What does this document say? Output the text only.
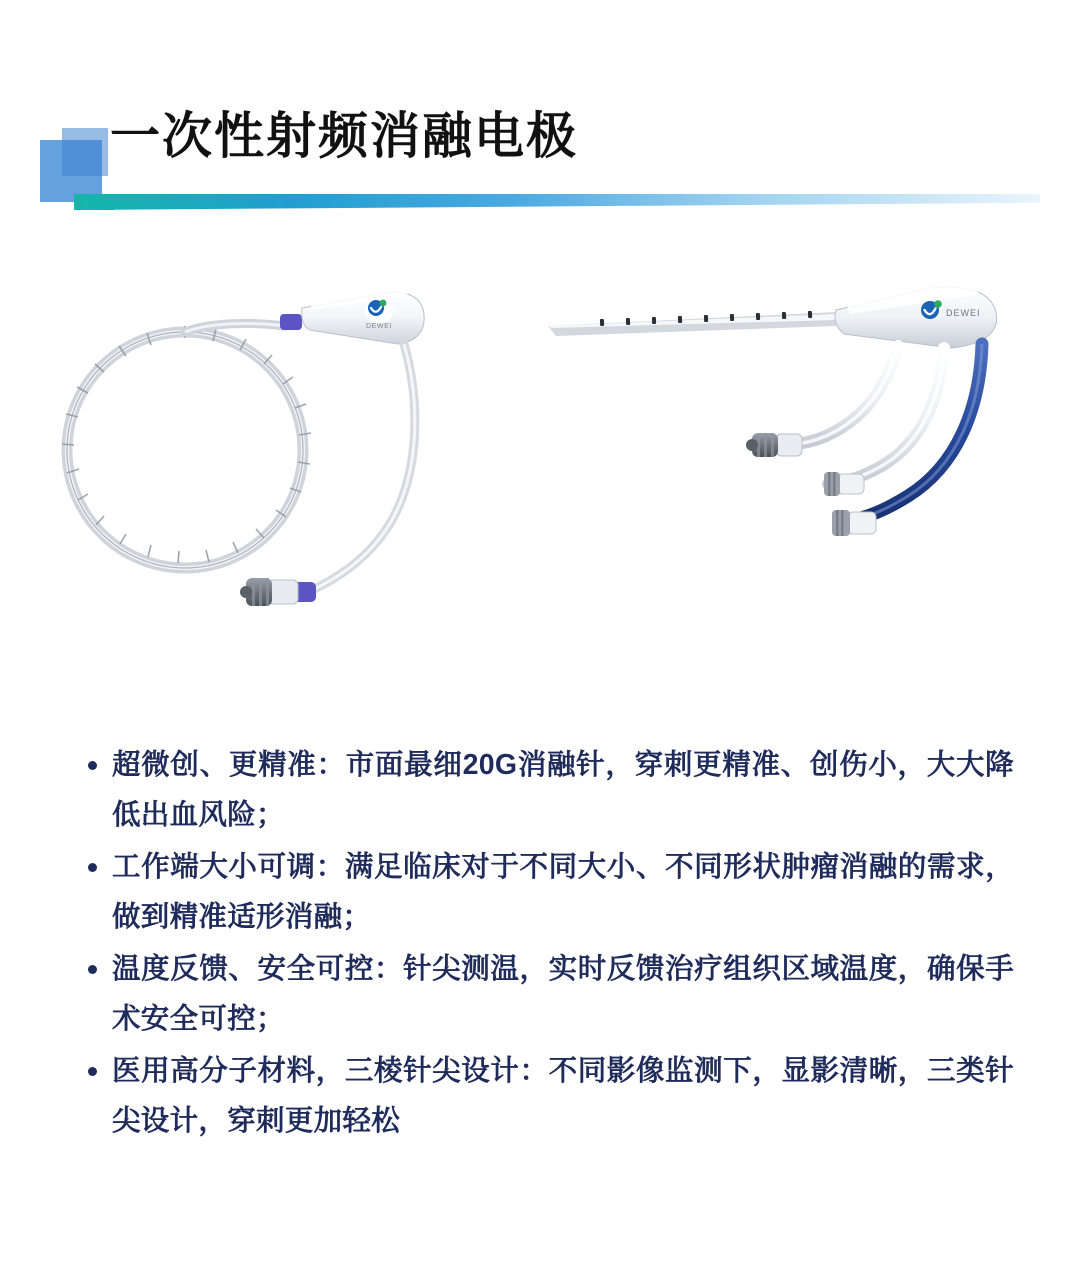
一次性射频消融电极
DEWEI
DEWEI
超微创、更精准：市面最细20G消融针，穿刺更精准、创伤小，大大降低出血风险；
工作端大小可调：满足临床对于不同大小、不同形状肿瘤消融的需求，做到精准适形消融；
温度反馈、安全可控：针尖测温，实时反馈治疗组织区域温度，确保手术安全可控；
医用高分子材料，三棱针尖设计：不同影像监测下，显影清晰，三类针尖设计，穿刺更加轻松
